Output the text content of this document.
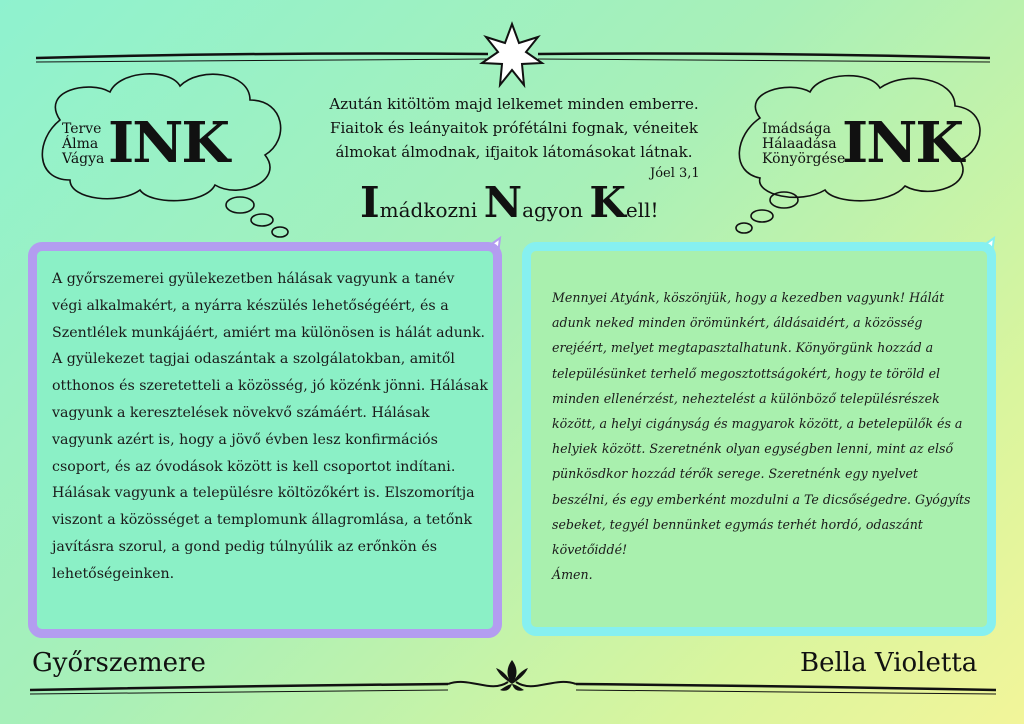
Terve
Álma
Vágya INK	Imádsága
Hálaadása
Könyörgése
INK
Azután kitöltöm majd lelkemet minden emberre. Fiaitok és leányaitok prófétálni fognak, véneitek álmokat álmodnak, ifjaitok látomásokat látnak.
Jóel 3,1
Imádkozni Nagyon Kell!
A győrszemerei gyülekezetben hálásak vagyunk a tanév végi alkalmakért, a nyárra készülés lehetőségéért, és a Szentlélek munkájáért, amiért ma különösen is hálát adunk. A gyülekezet tagjai odaszántak a szolgálatokban, amitől otthonos és szeretetteli a közösség, jó közénk jönni. Hálásak vagyunk a keresztelések növekvő számáért. Hálásak vagyunk azért is, hogy a jövő évben lesz konfirmációs csoport, és az óvodások között is kell csoportot indítani. Hálásak vagyunk a településre költözőkért is. Elszomorítja viszont a közösséget a templomunk állagromlása, a tetőnk javításra szorul, a gond pedig túlnyúlik az erőnkön és lehetőségeinken.
Mennyei Atyánk, köszönjük, hogy a kezedben vagyunk! Hálát adunk neked minden örömünkért, áldásaidért, a közösség erejéért, melyet megtapasztalhatunk. Könyörgünk hozzád a településünket terhelő megosztottságokért, hogy te töröld el minden ellenérzést, neheztelést a különböző településrészek között, a helyi cigányság és magyarok között, a betelepülők és a helyiek között. Szeretnénk olyan egységben lenni, mint az első pünkösdkor hozzád térők serege. Szeretnénk egy nyelvet beszélni, és egy emberként mozdulni a Te dicsőségedre. Gyógyíts sebeket, tegyél bennünket egymás terhét hordó, odaszánt követőiddé!
Ámen.
Győrszemere	Bella Violetta
